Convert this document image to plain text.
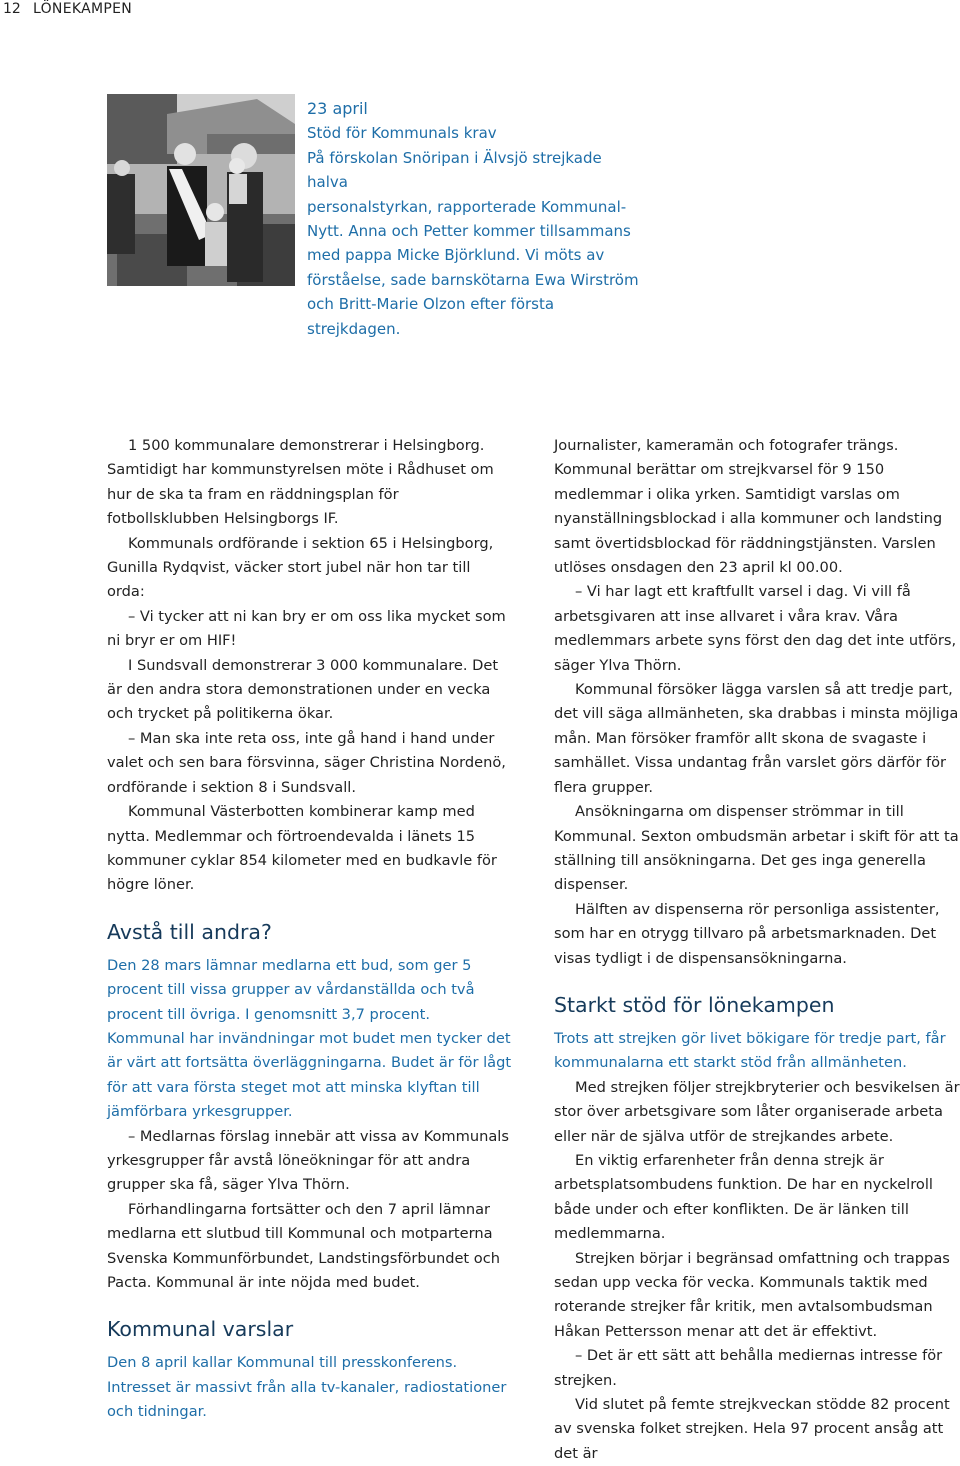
12 LÖNEKAMPEN
23 april

Stöd för Kommunals krav

På förskolan Snöripan i Älvsjö strejkade halva

personalstyrkan, rapporterade Kommunal-

Nytt. Anna och Petter kommer tillsammans

med pappa Micke Björklund. Vi möts av

förståelse, sade barnskötarna Ewa Wirström

och Britt-Marie Olzon efter första strejkdagen.

1 500 kommunalare demonstrerar i Helsingborg. Samtidigt har kommunstyrelsen möte i Rådhuset om hur de ska ta fram en räddningsplan för fotbollsklubben Helsingborgs IF.

Kommunals ordförande i sektion 65 i Helsingborg, Gunilla Rydqvist, väcker stort jubel när hon tar till orda:

– Vi tycker att ni kan bry er om oss lika mycket som ni bryr er om HIF!

I Sundsvall demonstrerar 3 000 kommunalare. Det är den andra stora demonstrationen under en vecka och trycket på politikerna ökar.

– Man ska inte reta oss, inte gå hand i hand under valet och sen bara försvinna, säger Christina Nordenö, ordförande i sektion 8 i Sundsvall.

Kommunal Västerbotten kombinerar kamp med nytta. Medlemmar och förtroendevalda i länets 15 kommuner cyklar 854 kilometer med en budkavle för högre löner.

Avstå till andra?

Den 28 mars lämnar medlarna ett bud, som ger 5 procent till vissa grupper av vårdanställda och två procent till övriga. I genomsnitt 3,7 procent. Kommunal har invändningar mot budet men tycker det är värt att fortsätta överläggningarna. Budet är för lågt för att vara första steget mot att minska klyftan till jämförbara yrkesgrupper.

– Medlarnas förslag innebär att vissa av Kommunals yrkesgrupper får avstå löneökningar för att andra grupper ska få, säger Ylva Thörn.

Förhandlingarna fortsätter och den 7 april lämnar medlarna ett slutbud till Kommunal och motparterna Svenska Kommunförbundet, Landstingsförbundet och Pacta. Kommunal är inte nöjda med budet.

Kommunal varslar

Den 8 april kallar Kommunal till presskonferens. Intresset är massivt från alla tv-kanaler, radiostationer och tidningar.

Journalister, kameramän och fotografer trängs. Kommunal berättar om strejkvarsel för 9 150 medlemmar i olika yrken. Samtidigt varslas om nyanställningsblockad i alla kommuner och landsting samt övertidsblockad för räddningstjänsten. Varslen utlöses onsdagen den 23 april kl 00.00.

– Vi har lagt ett kraftfullt varsel i dag. Vi vill få arbetsgivaren att inse allvaret i våra krav. Våra medlemmars arbete syns först den dag det inte utförs, säger Ylva Thörn.

Kommunal försöker lägga varslen så att tredje part, det vill säga allmänheten, ska drabbas i minsta möjliga mån. Man försöker framför allt skona de svagaste i samhället. Vissa undantag från varslet görs därför för flera grupper.

Ansökningarna om dispenser strömmar in till Kommunal. Sexton ombudsmän arbetar i skift för att ta ställning till ansökningarna. Det ges inga generella dispenser.

Hälften av dispenserna rör personliga assistenter, som har en otrygg tillvaro på arbetsmarknaden. Det visas tydligt i de dispensansökningarna.

Starkt stöd för lönekampen

Trots att strejken gör livet bökigare för tredje part, får kommunalarna ett starkt stöd från allmänheten.

Med strejken följer strejkbryterier och besvikelsen är stor över arbetsgivare som låter organiserade arbeta eller när de själva utför de strejkandes arbete.

En viktig erfarenheter från denna strejk är arbetsplatsombudens funktion. De har en nyckelroll både under och efter konflikten. De är länken till medlemmarna.

Strejken börjar i begränsad omfattning och trappas sedan upp vecka för vecka. Kommunals taktik med roterande strejker får kritik, men avtalsombudsman Håkan Pettersson menar att det är effektivt.

– Det är ett sätt att behålla mediernas intresse för strejken.

Vid slutet på femte strejkveckan stödde 82 procent av svenska folket strejken. Hela 97 procent ansåg att det är
